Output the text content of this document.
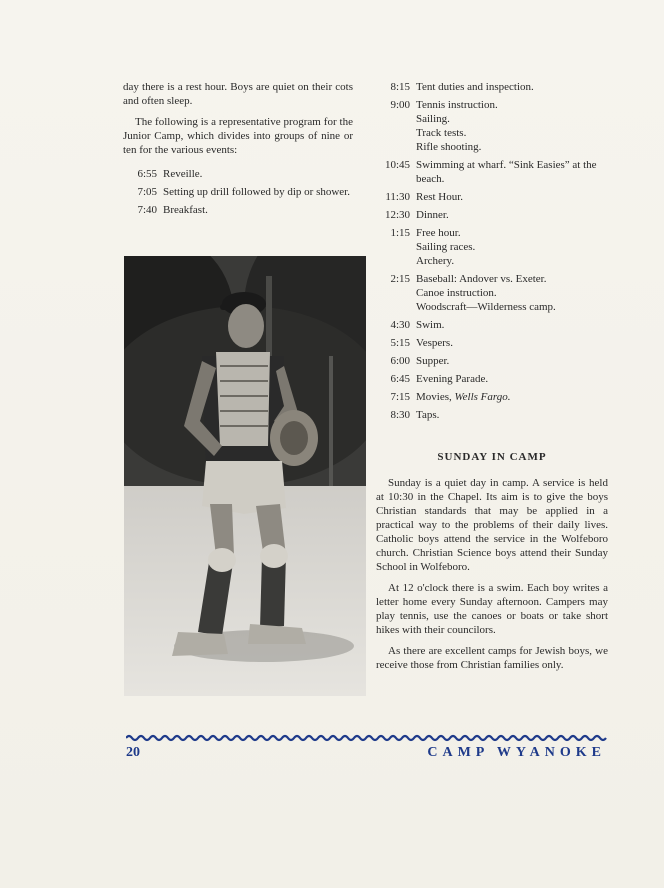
day there is a rest hour. Boys are quiet on their cots and often sleep.

The following is a representative program for the Junior Camp, which divides into groups of nine or ten for the various events:

6:55 Reveille.
7:05 Setting up drill followed by dip or shower.
7:40 Breakfast.
8:15 Tent duties and inspection.
9:00 Tennis instruction.
Sailing.
Track tests.
Rifle shooting.
10:45 Swimming at wharf. “Sink Easies” at the beach.
11:30 Rest Hour.
12:30 Dinner.
1:15 Free hour.
Sailing races.
Archery.
2:15 Baseball: Andover vs. Exeter.
Canoe instruction.
Woodscraft—Wilderness camp.
4:30 Swim.
5:15 Vespers.
6:00 Supper.
6:45 Evening Parade.
7:15 Movies, Wells Fargo.
8:30 Taps.
SUNDAY IN CAMP

Sunday is a quiet day in camp. A service is held at 10:30 in the Chapel. Its aim is to give the boys Christian standards that may be applied in a practical way to the problems of their daily lives. Catholic boys attend the service in the Wolfeboro church. Christian Science boys attend their Sunday School in Wolfeboro.

At 12 o'clock there is a swim. Each boy writes a letter home every Sunday afternoon. Campers may play tennis, use the canoes or boats or take short hikes with their councilors.

As there are excellent camps for Jewish boys, we receive those from Christian families only.

20	CAMP WYANOKE
